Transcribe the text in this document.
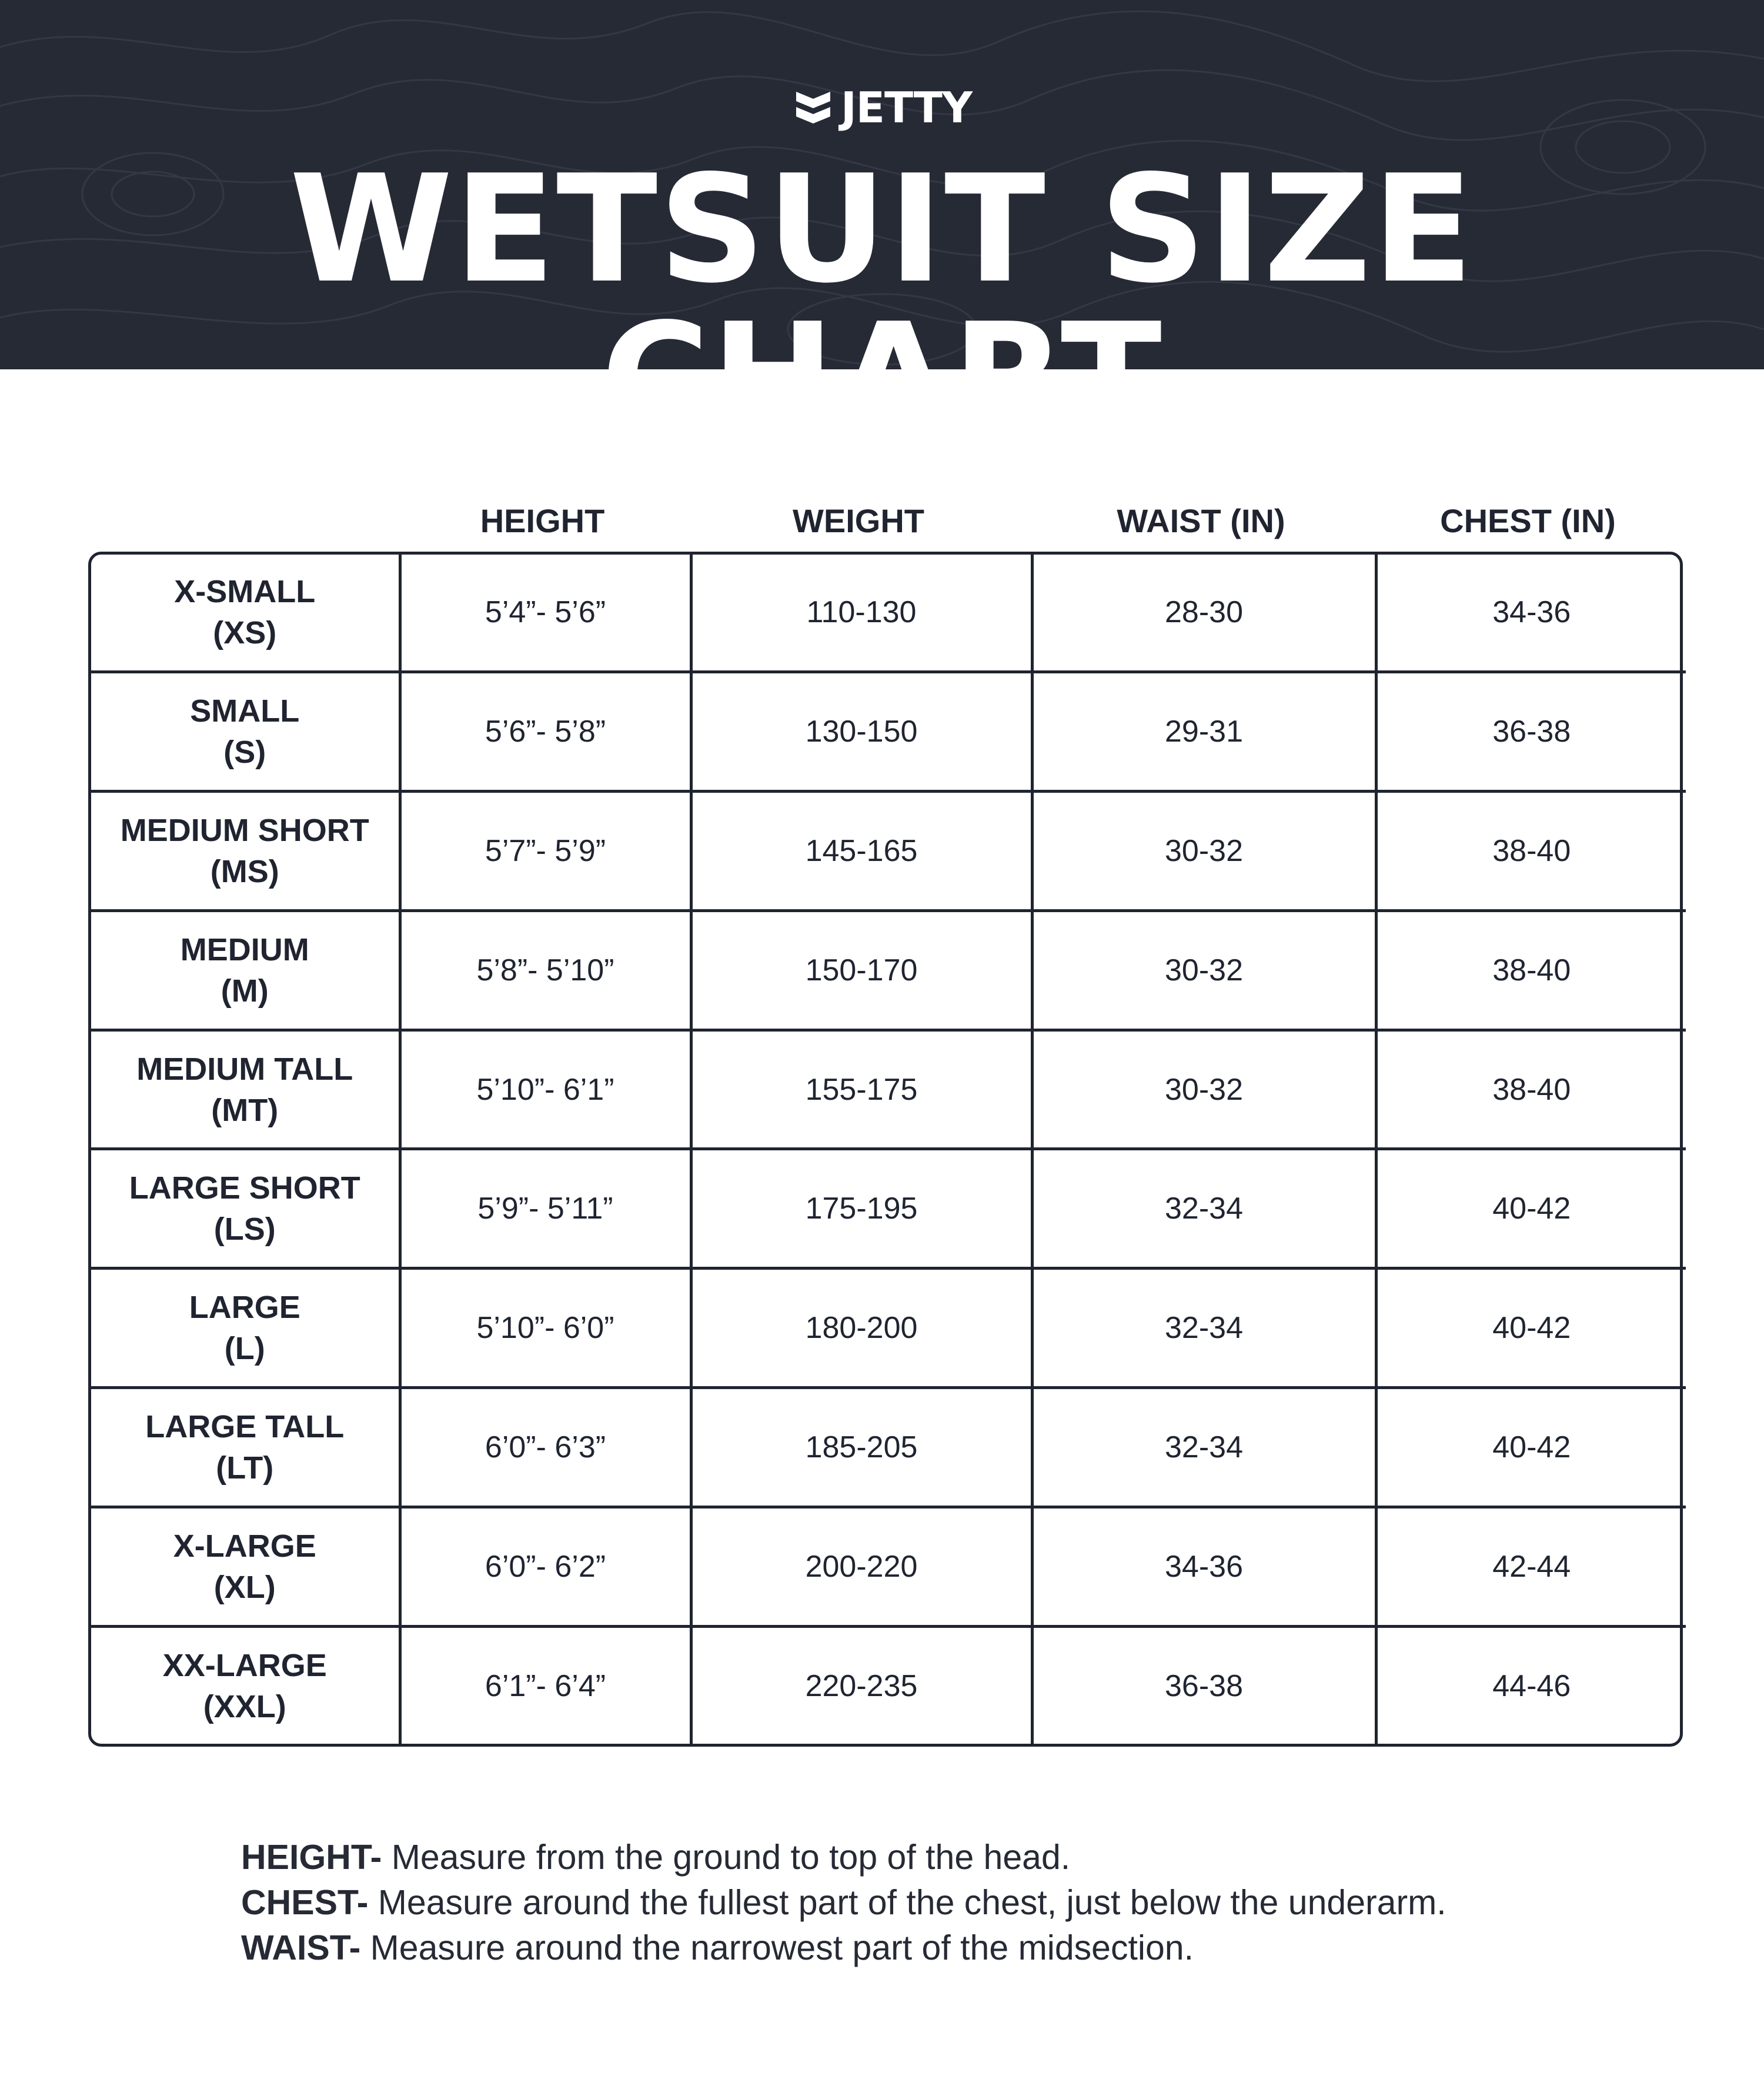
JETTY
WETSUIT SIZE CHART
HEIGHT	WEIGHT	WAIST (IN)	CHEST (IN)
X-SMALL
(XS)	5’4”- 5’6”	110-130	28-30	34-36

SMALL
(S)	5’6”- 5’8”	130-150	29-31	36-38

MEDIUM SHORT
(MS)	5’7”- 5’9”	145-165	30-32	38-40

MEDIUM
(M)	5’8”- 5’10”	150-170	30-32	38-40

MEDIUM TALL
(MT)	5’10”- 6’1”	155-175	30-32	38-40

LARGE SHORT
(LS)	5’9”- 5’11”	175-195	32-34	40-42

LARGE
(L)	5’10”- 6’0”	180-200	32-34	40-42

LARGE TALL
(LT)	6’0”- 6’3”	185-205	32-34	40-42

X-LARGE
(XL)	6’0”- 6’2”	200-220	34-36	42-44

XX-LARGE
(XXL)	6’1”- 6’4”	220-235	36-38	44-46
HEIGHT- Measure from the ground to top of the head.
CHEST- Measure around the fullest part of the chest, just below the underarm.
WAIST- Measure around the narrowest part of the midsection.
